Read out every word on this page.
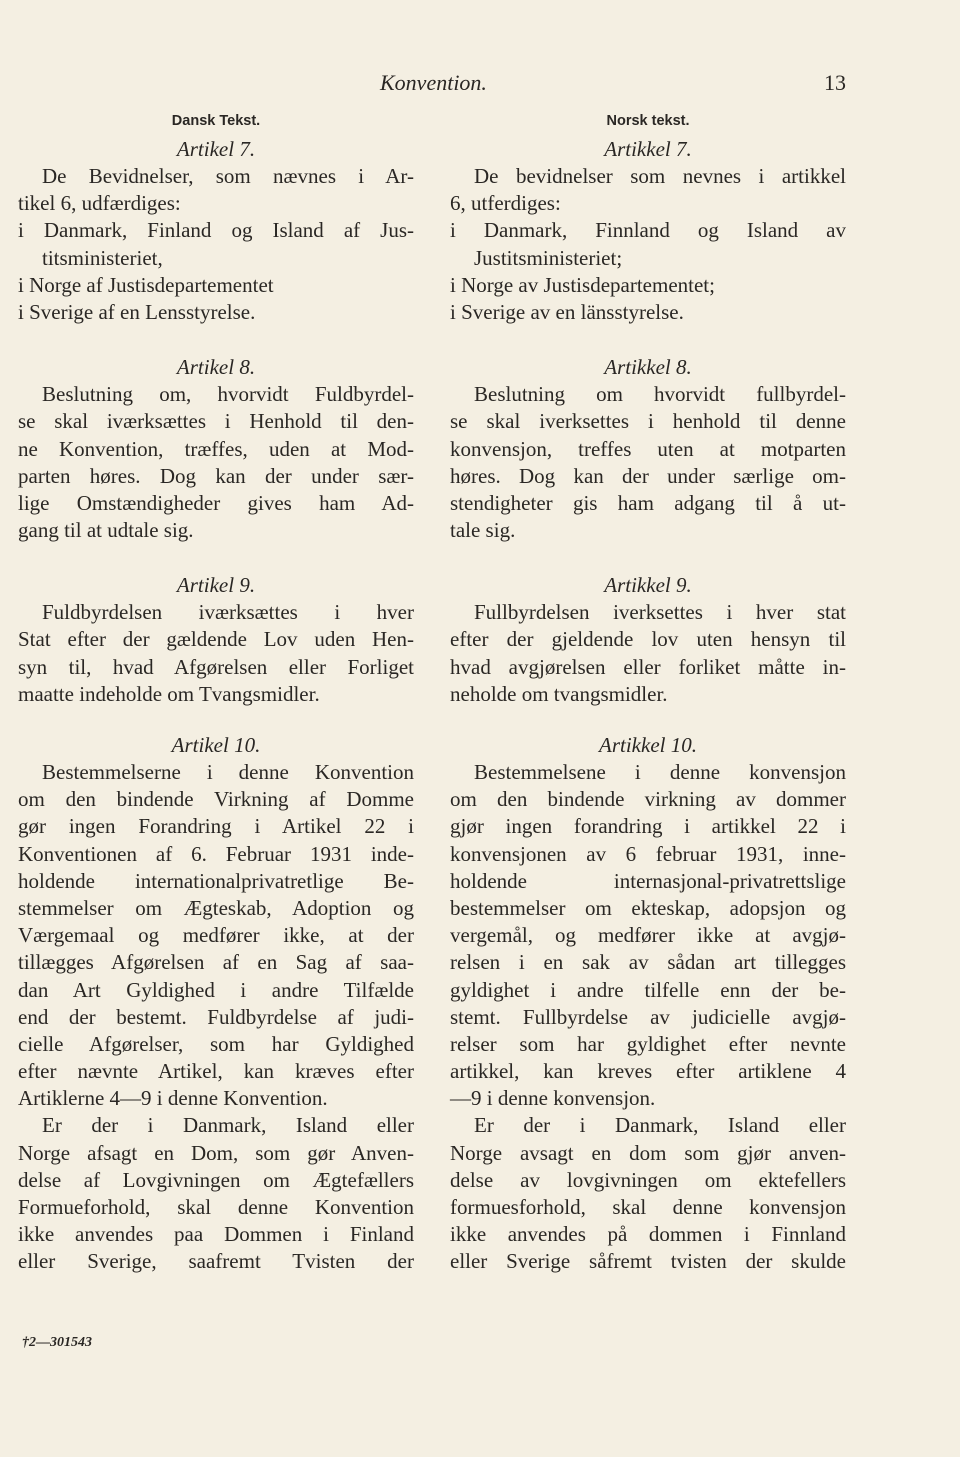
Konvention.	13
Dansk Tekst.
Artikel 7.
De Bevidnelser, som nævnes i Ar-
tikel 6, udfærdiges:
i Danmark, Finland og Island af Jus-
titsministeriet,
i Norge af Justisdepartementet
i Sverige af en Lensstyrelse.
Artikel 8.
Beslutning om, hvorvidt Fuldbyrdel-
se skal iværksættes i Henhold til den-
ne Konvention, træffes, uden at Mod-
parten høres. Dog kan der under sær-
lige Omstændigheder gives ham Ad-
gang til at udtale sig.
Artikel 9.
Fuldbyrdelsen iværksættes i hver
Stat efter der gældende Lov uden Hen-
syn til, hvad Afgørelsen eller Forliget
maatte indeholde om Tvangsmidler.
Artikel 10.
Bestemmelserne i denne Konvention
om den bindende Virkning af Domme
gør ingen Forandring i Artikel 22 i
Konventionen af 6. Februar 1931 inde-
holdende internationalprivatretlige Be-
stemmelser om Ægteskab, Adoption og
Værgemaal og medfører ikke, at der
tillægges Afgørelsen af en Sag af saa-
dan Art Gyldighed i andre Tilfælde
end der bestemt. Fuldbyrdelse af judi-
cielle Afgørelser, som har Gyldighed
efter nævnte Artikel, kan kræves efter
Artiklerne 4—9 i denne Konvention.
Er der i Danmark, Island eller
Norge afsagt en Dom, som gør Anven-
delse af Lovgivningen om Ægtefællers
Formueforhold, skal denne Konvention
ikke anvendes paa Dommen i Finland
eller Sverige, saafremt Tvisten der
Norsk tekst.
Artikkel 7.
De bevidnelser som nevnes i artikkel
6, utferdiges:
i Danmark, Finnland og Island av
Justitsministeriet;
i Norge av Justisdepartementet;
i Sverige av en länsstyrelse.
Artikkel 8.
Beslutning om hvorvidt fullbyrdel-
se skal iverksettes i henhold til denne
konvensjon, treffes uten at motparten
høres. Dog kan der under særlige om-
stendigheter gis ham adgang til å ut-
tale sig.
Artikkel 9.
Fullbyrdelsen iverksettes i hver stat
efter der gjeldende lov uten hensyn til
hvad avgjørelsen eller forliket måtte in-
neholde om tvangsmidler.
Artikkel 10.
Bestemmelsene i denne konvensjon
om den bindende virkning av dommer
gjør ingen forandring i artikkel 22 i
konvensjonen av 6 februar 1931, inne-
holdende internasjonal-privatrettslige
bestemmelser om ekteskap, adopsjon og
vergemål, og medfører ikke at avgjø-
relsen i en sak av sådan art tillegges
gyldighet i andre tilfelle enn der be-
stemt. Fullbyrdelse av judicielle avgjø-
relser som har gyldighet efter nevnte
artikkel, kan kreves efter artiklene 4
—9 i denne konvensjon.
Er der i Danmark, Island eller
Norge avsagt en dom som gjør anven-
delse av lovgivningen om ektefellers
formuesforhold, skal denne konvensjon
ikke anvendes på dommen i Finnland
eller Sverige såfremt tvisten der skulde
†2—301543
